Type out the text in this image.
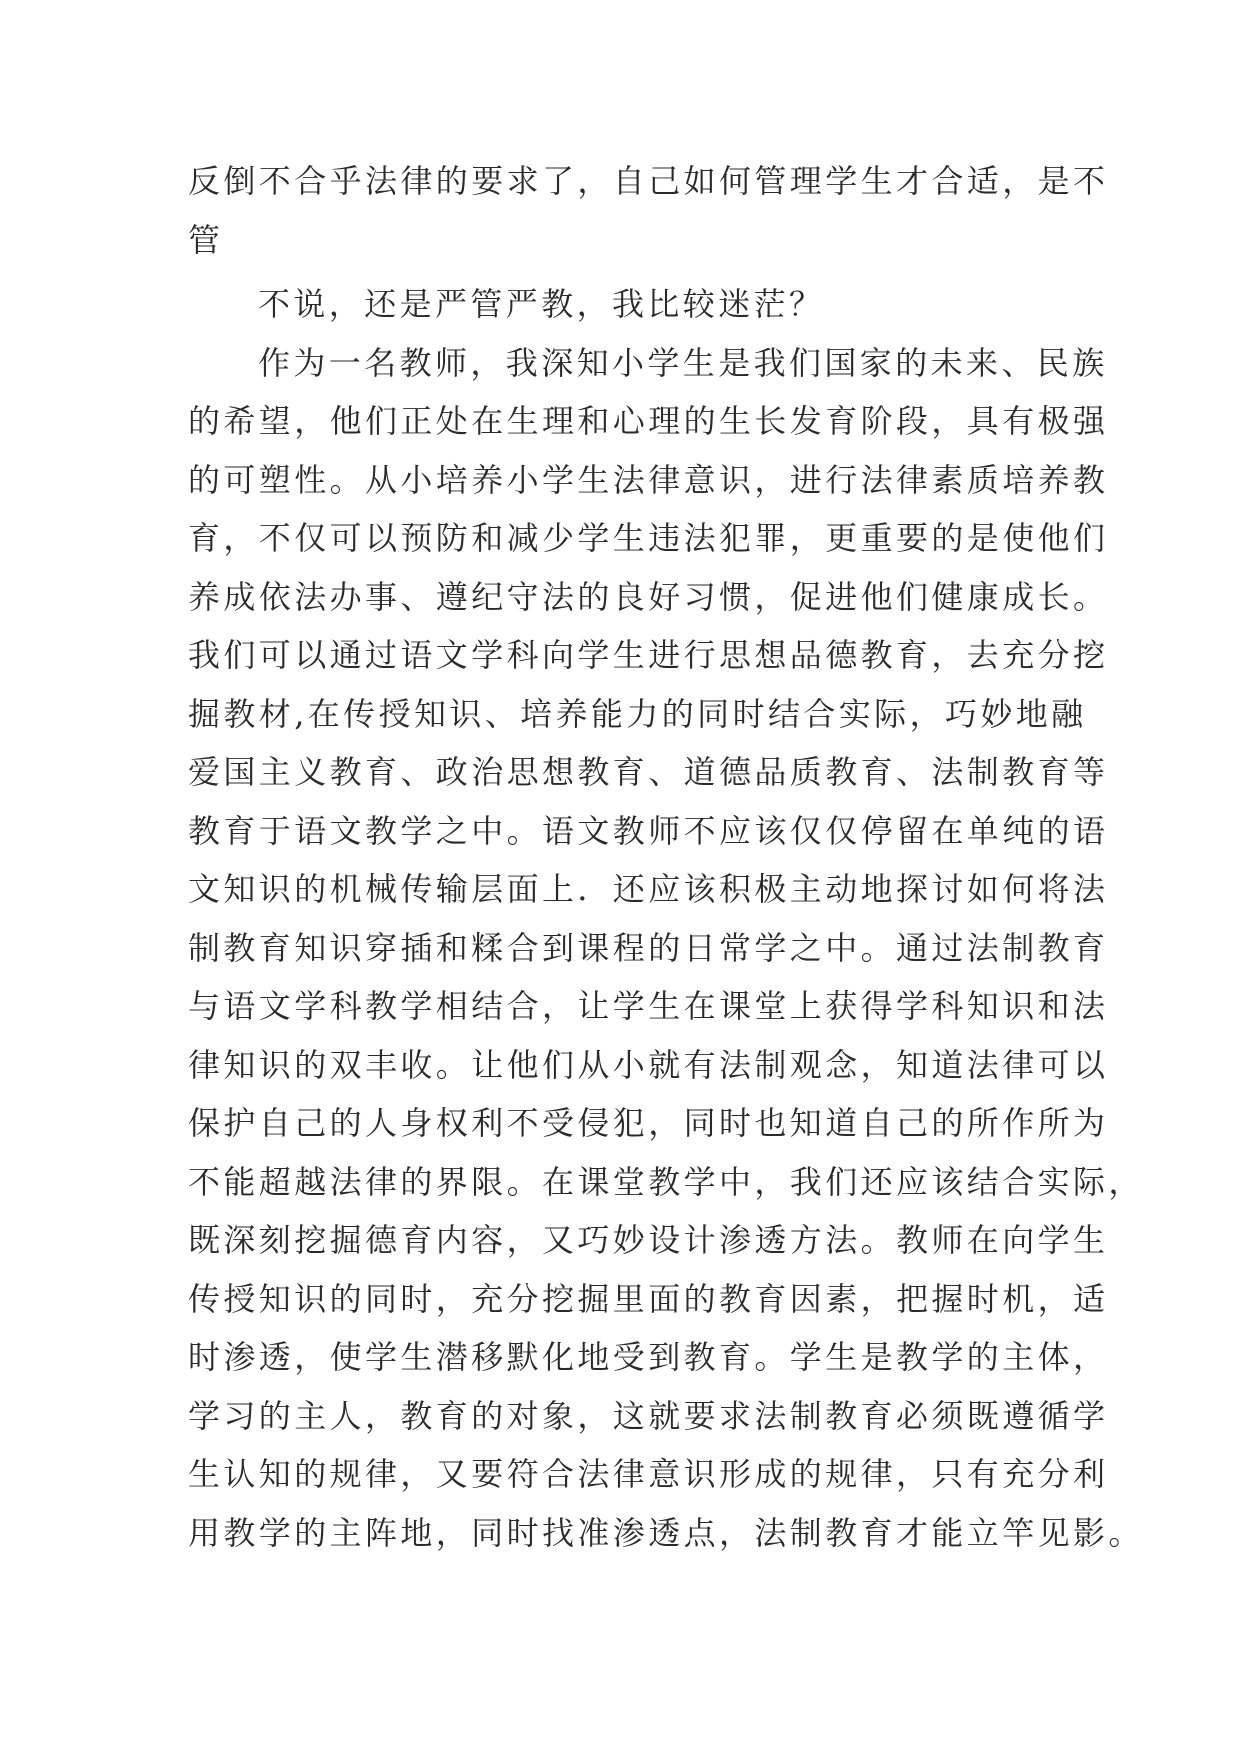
反倒不合乎法律的要求了，自己如何管理学生才合适，是不
管
不说，还是严管严教，我比较迷茫？
作为一名教师，我深知小学生是我们国家的未来、民族
的希望，他们正处在生理和心理的生长发育阶段，具有极强
的可塑性。从小培养小学生法律意识，进行法律素质培养教
育，不仅可以预防和减少学生违法犯罪，更重要的是使他们
养成依法办事、遵纪守法的良好习惯，促进他们健康成长。
我们可以通过语文学科向学生进行思想品德教育，去充分挖
掘教材,在传授知识、培养能力的同时结合实际，巧妙地融
爱国主义教育、政治思想教育、道德品质教育、法制教育等
教育于语文教学之中。语文教师不应该仅仅停留在单纯的语
文知识的机械传输层面上．还应该积极主动地探讨如何将法
制教育知识穿插和糅合到课程的日常学之中。通过法制教育
与语文学科教学相结合，让学生在课堂上获得学科知识和法
律知识的双丰收。让他们从小就有法制观念，知道法律可以
保护自己的人身权利不受侵犯，同时也知道自己的所作所为
不能超越法律的界限。在课堂教学中，我们还应该结合实际，
既深刻挖掘德育内容，又巧妙设计渗透方法。教师在向学生
传授知识的同时，充分挖掘里面的教育因素，把握时机，适
时渗透，使学生潜移默化地受到教育。学生是教学的主体，
学习的主人，教育的对象，这就要求法制教育必须既遵循学
生认知的规律，又要符合法律意识形成的规律，只有充分利
用教学的主阵地，同时找准渗透点，法制教育才能立竿见影。
